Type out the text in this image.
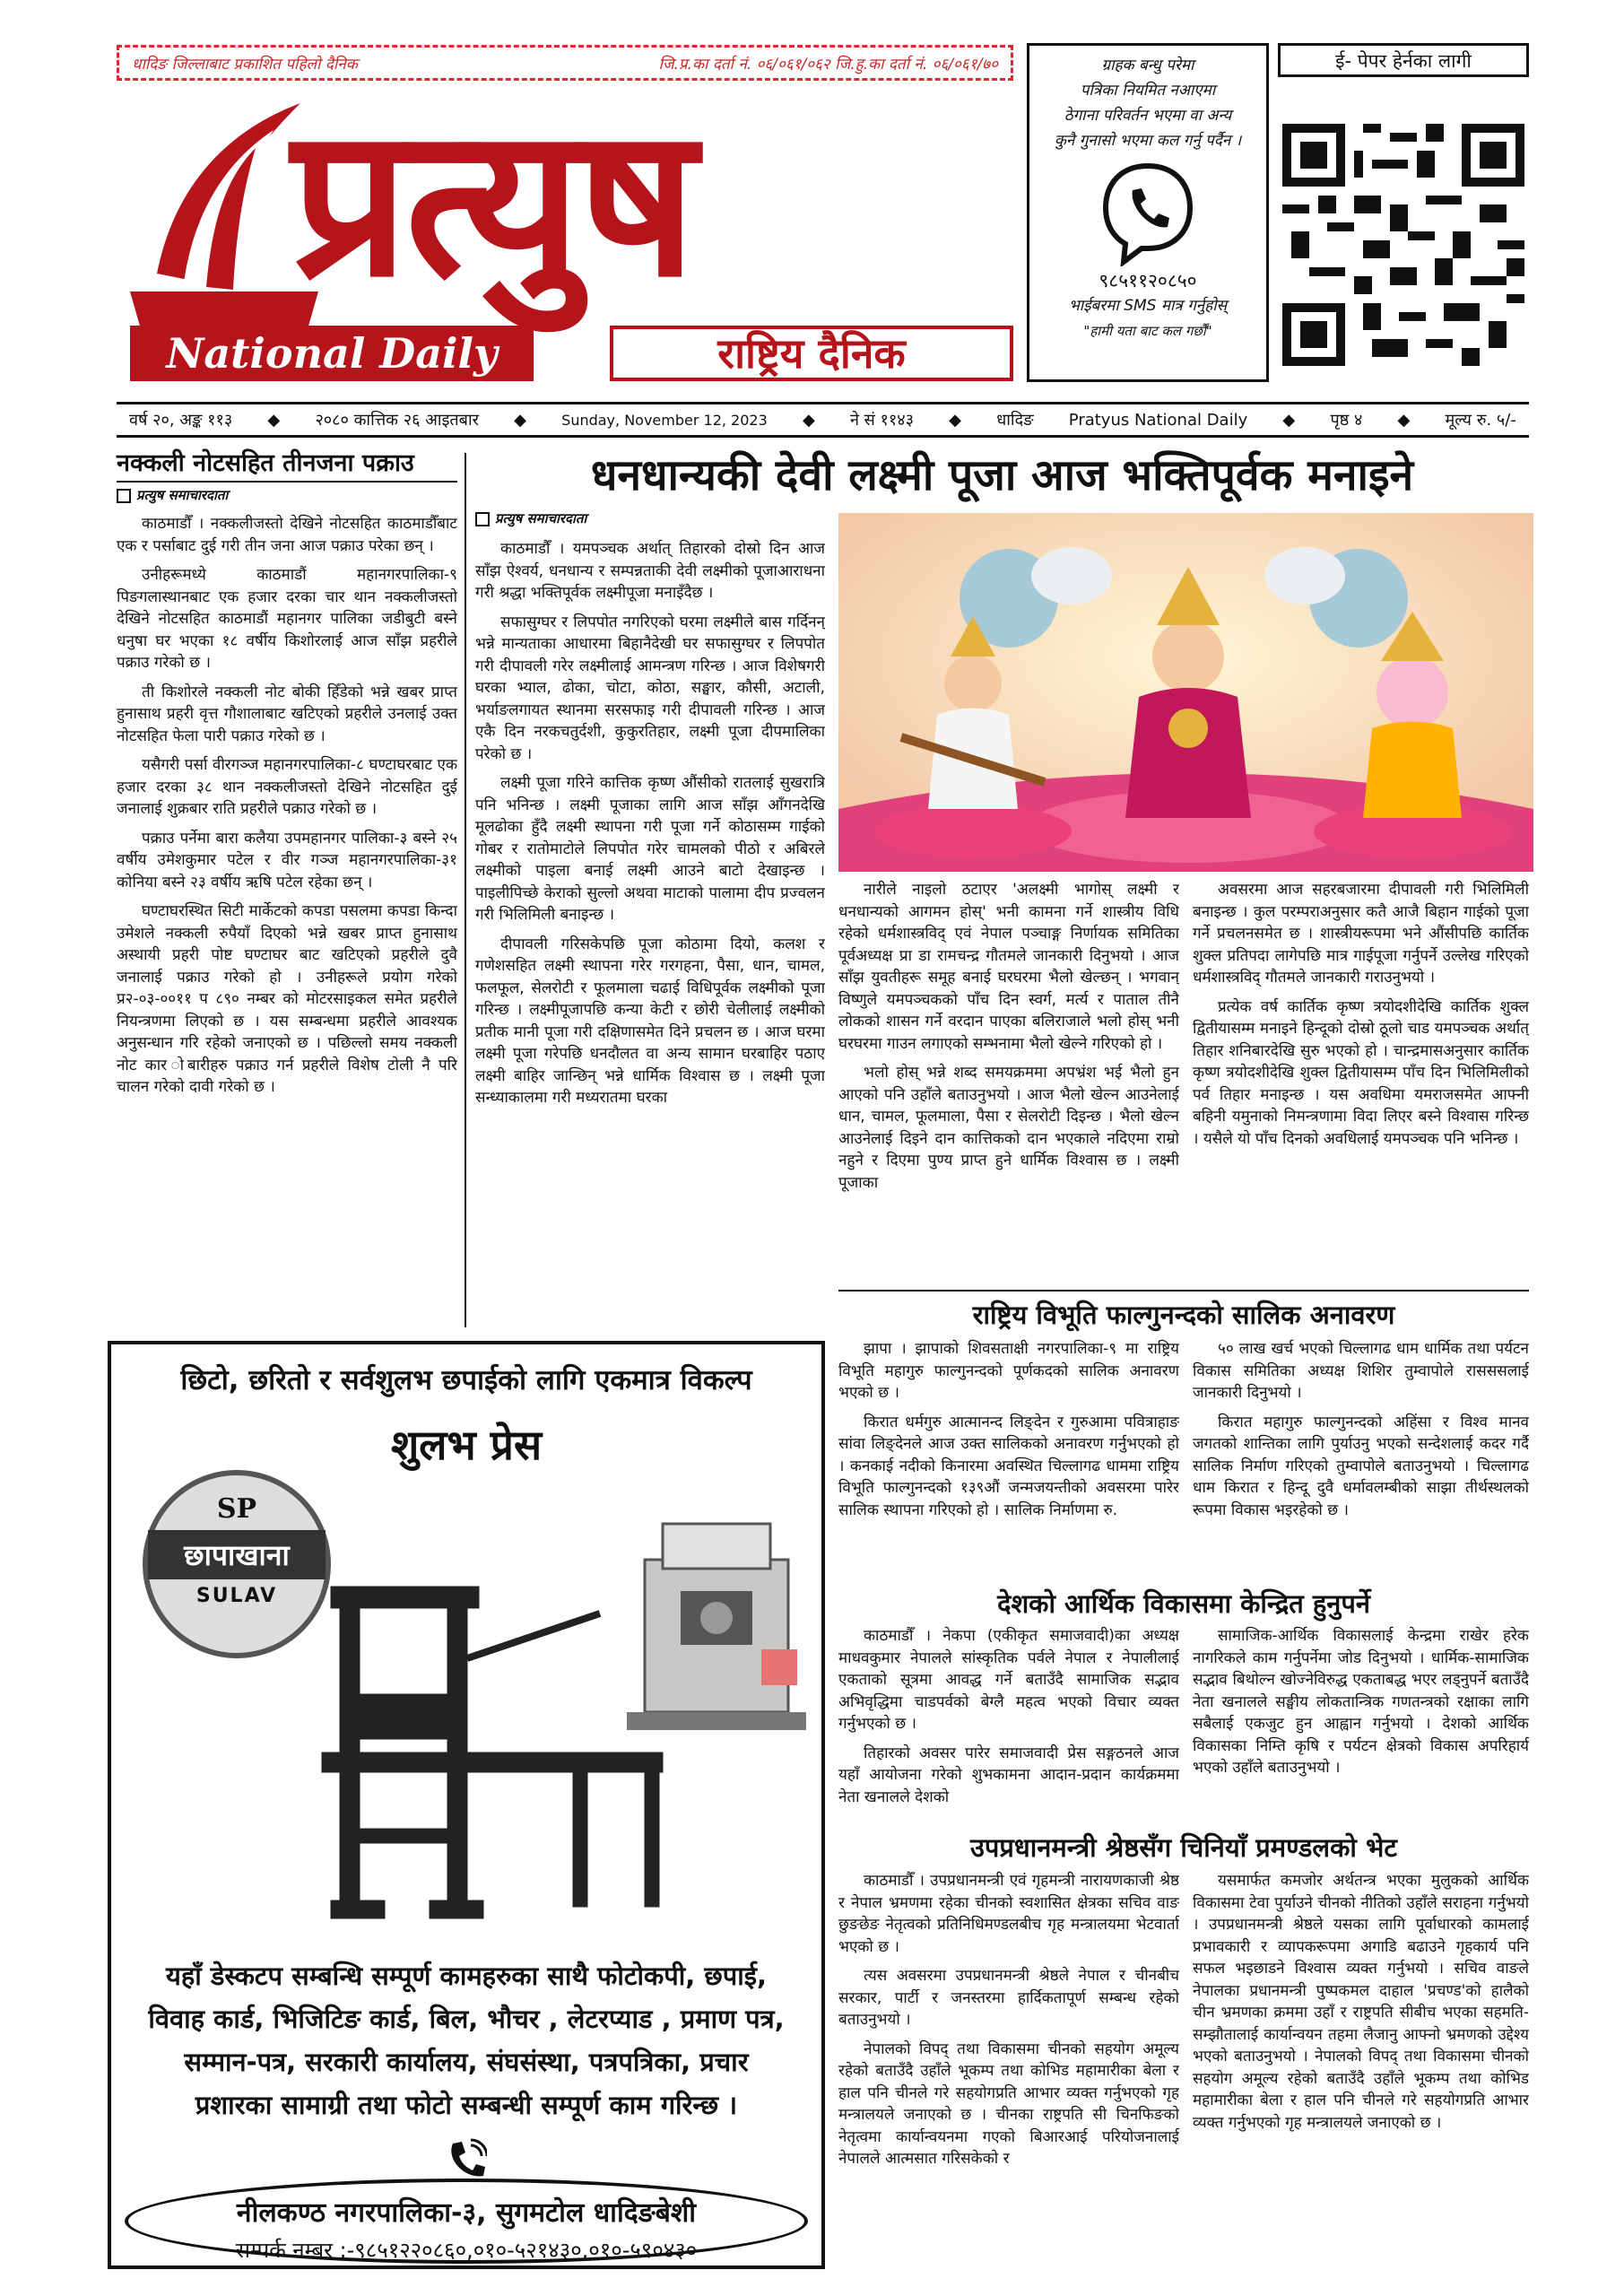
धादिङ जिल्लाबाट प्रकाशित पहिलो दैनिक	जि.प्र.का दर्ता नं. ०६/०६१/०६२ जि.हु.का दर्ता नं. ०६/०६१/७०
प्रत्युष
National Daily	राष्ट्रिय दैनिक
ग्राहक बन्धु परेमा
पत्रिका नियमित नआएमा
ठेगाना परिवर्तन भएमा वा अन्य
कुनै गुनासो भएमा कल गर्नु पर्दैन ।
९८५११२०८५०
भाईबरमा SMS मात्र गर्नुहोस्
"हामी यता बाट कल गर्छौं"
ई- पेपर हेर्नका लागी
वर्ष २०, अङ्क ११३ ◆ २०८० कात्तिक २६ आइतबार ◆ Sunday, November 12, 2023 ◆ ने सं ११४३ ◆ धादिङ Pratyus National Daily ◆ पृष्ठ ४ ◆ मूल्य रु. ५/-
नक्कली नोटसहित तीनजना पक्राउ
प्रत्युष समाचारदाता

काठमाडौँ । नक्कलीजस्तो देखिने नोटसहित काठमाडौँबाट एक र पर्साबाट दुई गरी तीन जना आज पक्राउ परेका छन् ।

उनीहरूमध्ये काठमाडौं महानगरपालिका-९ पिङगलास्थानबाट एक हजार दरका चार थान नक्कलीजस्तो देखिने नोटसहित काठमाडौं महानगर पालिका जडीबुटी बस्ने धनुषा घर भएका १८ वर्षीय किशोरलाई आज साँझ प्रहरीले पक्राउ गरेको छ ।

ती किशोरले नक्कली नोट बोकी हिँडेको भन्ने खबर प्राप्त हुनासाथ प्रहरी वृत्त गौशालाबाट खटिएको प्रहरीले उनलाई उक्त नोटसहित फेला पारी पक्राउ गरेको छ ।

यसैगरी पर्सा वीरगञ्ज महानगरपालिका-८ घण्टाघरबाट एक हजार दरका ३८ थान नक्कलीजस्तो देखिने नोटसहित दुई जनालाई शुक्रबार राति प्रहरीले पक्राउ गरेको छ ।

पक्राउ पर्नेमा बारा कलैया उपमहानगर पालिका-३ बस्ने २५ वर्षीय उमेशकुमार पटेल र वीर गञ्ज महानगरपालिका-३१ कोनिया बस्ने २३ वर्षीय ऋषि पटेल रहेका छन् ।

घण्टाघरस्थित सिटी मार्केटको कपडा पसलमा कपडा किन्दा उमेशले नक्कली रुपैयाँ दिएको भन्ने खबर प्राप्त हुनासाथ अस्थायी प्रहरी पोष्ट घण्टाघर बाट खटिएको प्रहरीले दुवै जनालाई पक्राउ गरेको हो । उनीहरूले प्रयोग गरेको प्र२-०३-००११ प ८९० नम्बर को मोटरसाइकल समेत प्रहरीले नियन्त्रणमा लिएको छ । यस सम्बन्धमा प्रहरीले आवश्यक अनुसन्धान गरि रहेको जनाएको छ । पछिल्लो समय नक्कली नोट कार ोबारीहरु पक्राउ गर्न प्रहरीले विशेष टोली नै परि चालन गरेको दावी गरेको छ ।

धनधान्यकी देवी लक्ष्मी पूजा आज भक्तिपूर्वक मनाइने
प्रत्युष समाचारदाता

काठमाडौँ । यमपञ्चक अर्थात् तिहारको दोस्रो दिन आज साँझ ऐश्वर्य, धनधान्य र सम्पन्नताकी देवी लक्ष्मीको पूजाआराधना गरी श्रद्धा भक्तिपूर्वक लक्ष्मीपूजा मनाइँदैछ ।

सफासुग्घर र लिपपोत नगरिएको घरमा लक्ष्मीले बास गर्दिनन् भन्ने मान्यताका आधारमा बिहानैदेखी घर सफासुग्घर र लिपपोत गरी दीपावली गरेर लक्ष्मीलाई आमन्त्रण गरिन्छ । आज विशेषगरी घरका भ्याल, ढोका, चोटा, कोठा, सङ्घार, कौसी, अटाली, भर्याङलगायत स्थानमा सरसफाइ गरी दीपावली गरिन्छ । आज एकै दिन नरकचतुर्दशी, कुकुरतिहार, लक्ष्मी पूजा दीपमालिका परेको छ ।

लक्ष्मी पूजा गरिने कात्तिक कृष्ण औंसीको रातलाई सुखरात्रि पनि भनिन्छ । लक्ष्मी पूजाका लागि आज साँझ आँगनदेखि मूलढोका हुँदै लक्ष्मी स्थापना गरी पूजा गर्ने कोठासम्म गाईको गोबर र रातोमाटोले लिपपोत गरेर चामलको पीठो र अबिरले लक्ष्मीको पाइला बनाई लक्ष्मी आउने बाटो देखाइन्छ । पाइलीपिच्छे केराको सुल्लो अथवा माटाको पालामा दीप प्रज्वलन गरी भिलिमिली बनाइन्छ ।

दीपावली गरिसकेपछि पूजा कोठामा दियो, कलश र गणेशसहित लक्ष्मी स्थापना गरेर गरगहना, पैसा, धान, चामल, फलफूल, सेलरोटी र फूलमाला चढाई विधिपूर्वक लक्ष्मीको पूजा गरिन्छ । लक्ष्मीपूजापछि कन्या केटी र छोरी चेलीलाई लक्ष्मीको प्रतीक मानी पूजा गरी दक्षिणासमेत दिने प्रचलन छ । आज घरमा लक्ष्मी पूजा गरेपछि धनदौलत वा अन्य सामान घरबाहिर पठाए लक्ष्मी बाहिर जान्छिन् भन्ने धार्मिक विश्वास छ । लक्ष्मी पूजा सन्ध्याकालमा गरी मध्यरातमा घरका

नारीले नाइलो ठटाएर 'अलक्ष्मी भागोस् लक्ष्मी र धनधान्यको आगमन होस्' भनी कामना गर्ने शास्त्रीय विधि रहेको धर्मशास्त्रविद् एवं नेपाल पञ्चाङ्ग निर्णायक समितिका पूर्वअध्यक्ष प्रा डा रामचन्द्र गौतमले जानकारी दिनुभयो । आज साँझ युवतीहरू समूह बनाई घरघरमा भैलो खेल्छन् । भगवान् विष्णुले यमपञ्चकको पाँच दिन स्वर्ग, मर्त्य र पाताल तीनै लोकको शासन गर्ने वरदान पाएका बलिराजाले भलो होस् भनी घरघरमा गाउन लगाएको सम्भनामा भैलो खेल्ने गरिएको हो ।

भलो होस् भन्ने शब्द समयक्रममा अपभ्रंश भई भैलो हुन आएको पनि उहाँले बताउनुभयो । आज भैलो खेल्न आउनेलाई धान, चामल, फूलमाला, पैसा र सेलरोटी दिइन्छ । भैलो खेल्न आउनेलाई दिइने दान कात्तिकको दान भएकाले नदिएमा राम्रो नहुने र दिएमा पुण्य प्राप्त हुने धार्मिक विश्वास छ । लक्ष्मी पूजाका

अवसरमा आज सहरबजारमा दीपावली गरी भिलिमिली बनाइन्छ । कुल परम्पराअनुसार कतै आजै बिहान गाईको पूजा गर्ने प्रचलनसमेत छ । शास्त्रीयरूपमा भने औंसीपछि कार्तिक शुक्ल प्रतिपदा लागेपछि मात्र गाईपूजा गर्नुपर्ने उल्लेख गरिएको धर्मशास्त्रविद् गौतमले जानकारी गराउनुभयो ।

प्रत्येक वर्ष कार्तिक कृष्ण त्रयोदशीदेखि कार्तिक शुक्ल द्वितीयासम्म मनाइने हिन्दूको दोस्रो ठूलो चाड यमपञ्चक अर्थात् तिहार शनिबारदेखि सुरु भएको हो । चान्द्रमासअनुसार कार्तिक कृष्ण त्रयोदशीदेखि शुक्ल द्वितीयासम्म पाँच दिन भिलिमिलीको पर्व तिहार मनाइन्छ । यस अवधिमा यमराजसमेत आफ्नी बहिनी यमुनाको निमन्त्रणामा विदा लिएर बस्ने विश्वास गरिन्छ । यसैले यो पाँच दिनको अवधिलाई यमपञ्चक पनि भनिन्छ ।

राष्ट्रिय विभूति फाल्गुनन्दको सालिक अनावरण

झापा । झापाको शिवसताक्षी नगरपालिका-९ मा राष्ट्रिय विभूति महागुरु फाल्गुनन्दको पूर्णकदको सालिक अनावरण भएको छ ।

किरात धर्मगुरु आत्मानन्द लिङ्देन र गुरुआमा पवित्राहाङ सांवा लिङ्देनले आज उक्त सालिकको अनावरण गर्नुभएको हो । कनकाई नदीको किनारमा अवस्थित चिल्लागढ धाममा राष्ट्रिय विभूति फाल्गुनन्दको १३९औं जन्मजयन्तीको अवसरमा पारेर सालिक स्थापना गरिएको हो । सालिक निर्माणमा रु.

५० लाख खर्च भएको चिल्लागढ धाम धार्मिक तथा पर्यटन विकास समितिका अध्यक्ष शिशिर तुम्वापोले रासससलाई जानकारी दिनुभयो ।

किरात महागुरु फाल्गुनन्दको अहिंसा र विश्व मानव जगतको शान्तिका लागि पुर्याउनु भएको सन्देशलाई कदर गर्दै सालिक निर्माण गरिएको तुम्वापोले बताउनुभयो । चिल्लागढ धाम किरात र हिन्दू दुवै धर्मावलम्बीको साझा तीर्थस्थलको रूपमा विकास भइरहेको छ ।

देशको आर्थिक विकासमा केन्द्रित हुनुपर्ने

काठमाडौँ । नेकपा (एकीकृत समाजवादी)का अध्यक्ष माधवकुमार नेपालले सांस्कृतिक पर्वले नेपाल र नेपालीलाई एकताको सूत्रमा आवद्ध गर्ने बताउँदै सामाजिक सद्भाव अभिवृद्धिमा चाडपर्वको बेग्लै महत्व भएको विचार व्यक्त गर्नुभएको छ ।

तिहारको अवसर पारेर समाजवादी प्रेस सङ्गठनले आज यहाँ आयोजना गरेको शुभकामना आदान-प्रदान कार्यक्रममा नेता खनालले देशको

सामाजिक-आर्थिक विकासलाई केन्द्रमा राखेर हरेक नागरिकले काम गर्नुपर्नेमा जोड दिनुभयो । धार्मिक-सामाजिक सद्भाव बिथोल्न खोज्नेविरुद्ध एकताबद्ध भएर लड्नुपर्ने बताउँदै नेता खनालले सङ्घीय लोकतान्त्रिक गणतन्त्रको रक्षाका लागि सबैलाई एकजुट हुन आह्वान गर्नुभयो । देशको आर्थिक विकासका निम्ति कृषि र पर्यटन क्षेत्रको विकास अपरिहार्य भएको उहाँले बताउनुभयो ।

उपप्रधानमन्त्री श्रेष्ठसँग चिनियाँ प्रमण्डलको भेट

काठमाडौँ । उपप्रधानमन्त्री एवं गृहमन्त्री नारायणकाजी श्रेष्ठ र नेपाल भ्रमणमा रहेका चीनको स्वशासित क्षेत्रका सचिव वाङ छुङछेङ नेतृत्वको प्रतिनिधिमण्डलबीच गृह मन्त्रालयमा भेटवार्ता भएको छ ।

त्यस अवसरमा उपप्रधानमन्त्री श्रेष्ठले नेपाल र चीनबीच सरकार, पार्टी र जनस्तरमा हार्दिकतापूर्ण सम्बन्ध रहेको बताउनुभयो ।

नेपालको विपद् तथा विकासमा चीनको सहयोग अमूल्य रहेको बताउँदै उहाँले भूकम्प तथा कोभिड महामारीका बेला र हाल पनि चीनले गरे सहयोगप्रति आभार व्यक्त गर्नुभएको गृह मन्त्रालयले जनाएको छ । चीनका राष्ट्रपति सी चिनफिङको नेतृत्वमा कार्यान्वयनमा गएको बिआरआई परियोजनालाई नेपालले आत्मसात गरिसकेको र

यसमार्फत कमजोर अर्थतन्त्र भएका मुलुकको आर्थिक विकासमा टेवा पुर्याउने चीनको नीतिको उहाँले सराहना गर्नुभयो । उपप्रधानमन्त्री श्रेष्ठले यसका लागि पूर्वाधारको कामलाई प्रभावकारी र व्यापकरूपमा अगाडि बढाउने गृहकार्य पनि सफल भइछाडने विश्वास व्यक्त गर्नुभयो । सचिव वाङले नेपालका प्रधानमन्त्री पुष्पकमल दाहाल 'प्रचण्ड'को हालैको चीन भ्रमणका क्रममा उहाँ र राष्ट्रपति सीबीच भएका सहमति-सम्झौतालाई कार्यान्वयन तहमा लैजानु आफ्नो भ्रमणको उद्देश्य भएको बताउनुभयो । नेपालको विपद् तथा विकासमा चीनको सहयोग अमूल्य रहेको बताउँदै उहाँले भूकम्प तथा कोभिड महामारीका बेला र हाल पनि चीनले गरे सहयोगप्रति आभार व्यक्त गर्नुभएको गृह मन्त्रालयले जनाएको छ ।

छिटो, छरितो र सर्वशुलभ छपाईको लागि एकमात्र विकल्प
शुलभ प्रेस
SP
छापाखाना
SULAV
यहाँ डेस्कटप सम्बन्धि सम्पूर्ण कामहरुका साथै फोटोकपी, छपाई, विवाह कार्ड, भिजिटिङ कार्ड, बिल, भौचर , लेटरप्याड , प्रमाण पत्र, सम्मान-पत्र, सरकारी कार्यालय, संघसंस्था, पत्रपत्रिका, प्रचार प्रशारका सामाग्री तथा फोटो सम्बन्धी सम्पूर्ण काम गरिन्छ ।
नीलकण्ठ नगरपालिका-३, सुगमटोल धादिङबेशी
सम्पर्क नम्बर :-९८५१२२०८६०,०१०-५२१४३०,०१०-५९०४३०
